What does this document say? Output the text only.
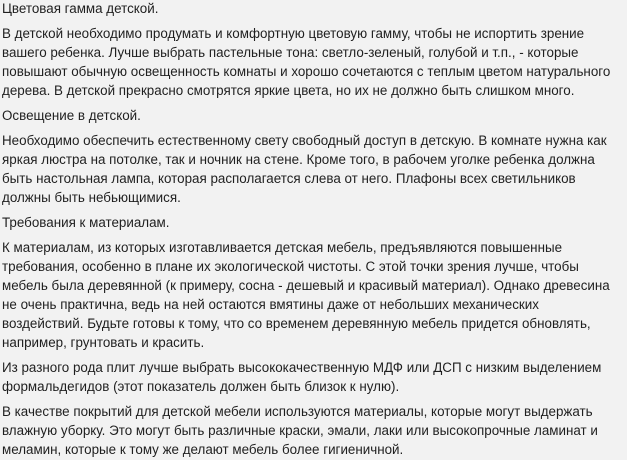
Цветовая гамма детской.
В детской необходимо продумать и комфортную цветовую гамму, чтобы не испортить зрение вашего ребенка. Лучше выбрать пастельные тона: светло-зеленый, голубой и т.п., - которые повышают обычную освещенность комнаты и хорошо сочетаются с теплым цветом натурального дерева. В детской прекрасно смотрятся яркие цвета, но их не должно быть слишком много.
Освещение в детской.
Необходимо обеспечить естественному свету свободный доступ в детскую. В комнате нужна как яркая люстра на потолке, так и ночник на стене. Кроме того, в рабочем уголке ребенка должна быть настольная лампа, которая располагается слева от него. Плафоны всех светильников должны быть небьющимися.
Требования к материалам.
К материалам, из которых изготавливается детская мебель, предъявляются повышенные требования, особенно в плане их экологической чистоты. С этой точки зрения лучше, чтобы мебель была деревянной (к примеру, сосна - дешевый и красивый материал). Однако древесина не очень практична, ведь на ней остаются вмятины даже от небольших механических воздействий. Будьте готовы к тому, что со временем деревянную мебель придется обновлять, например, грунтовать и красить.
Из разного рода плит лучше выбрать высококачественную МДФ или ДСП с низким выделением формальдегидов (этот показатель должен быть близок к нулю).
В качестве покрытий для детской мебели используются материалы, которые могут выдержать влажную уборку. Это могут быть различные краски, эмали, лаки или высокопрочные ламинат и меламин, которые к тому же делают мебель более гигиеничной.
